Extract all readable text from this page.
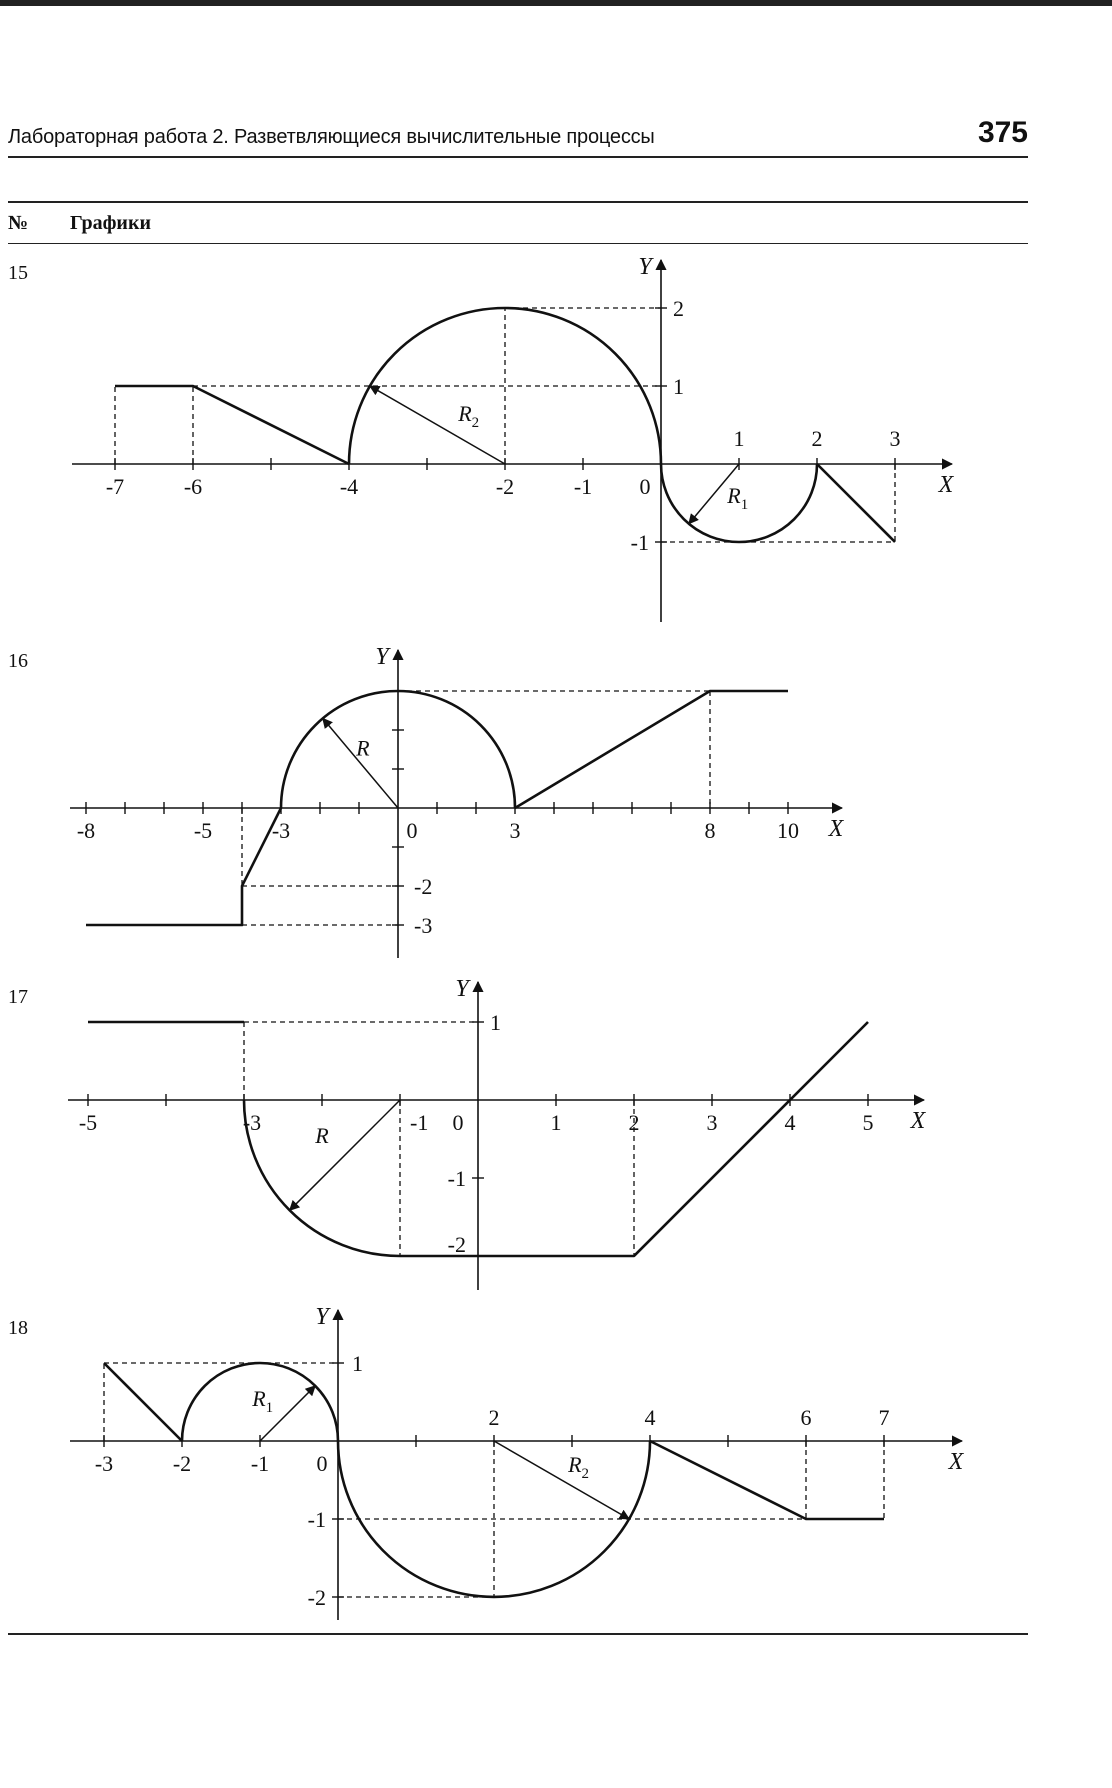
Лабораторная работа 2. Разветвляющиеся вычислительные процессы	375
№ Графики
15
16
17
18
X
Y
-7	-6	-4	-2	-1 0
1	2	3
2
1
-1
$R_2$
$R_1$
X
Y
-8	-5	-3	0	3	8	10
-2
-3
R
X
Y
-5	-3	-1 0	1	2	3	4	5
1
-1
-2
R
X
Y
-3	-2	-1 0
2	4	6	7
1
-1
-2
$R_1$
$R_2$
